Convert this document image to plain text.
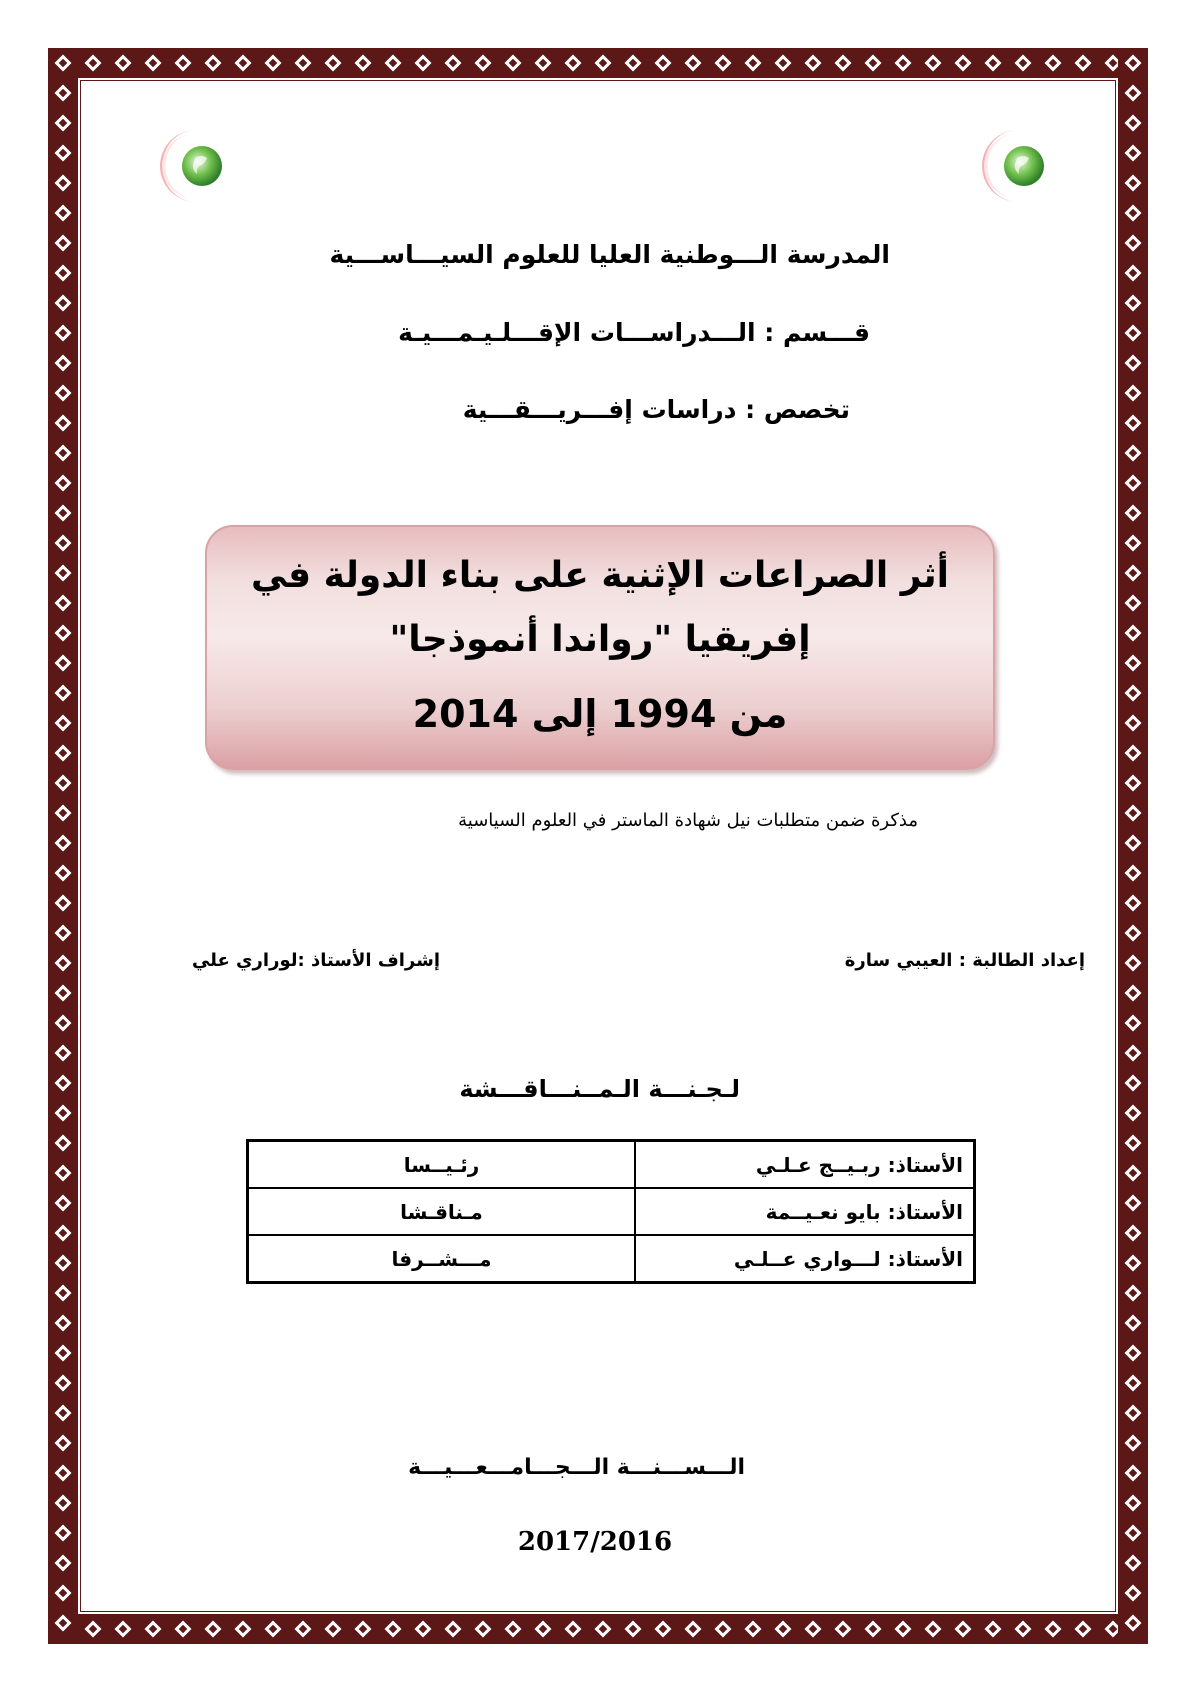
المدرسة الـــوطنية العليا للعلوم السيـــاســـية
قـــسم : الـــدراســـات الإقـــلـيـمـــيـة
تخصص : دراسات إفـــريـــقـــية
أثر الصراعات الإثنية على بناء الدولة في
إفريقيا "رواندا أنموذجا"
من 1994 إلى 2014
مذكرة ضمن متطلبات نيل شهادة الماستر في العلوم السياسية
إعداد الطالبة : العيبي سارة
إشراف الأستاذ :لوراري علي
لـجـنـــة الـمــنـــاقـــشة
الأستاذ: ربـيــج عـلـي	رئـيــسا
الأستاذ: بايو نعـيــمة	مـناقـشا
الأستاذ: لـــواري عــلـي	مـــشــرفا
الـــســـنـــة الـــجـــامـــعـــيـــة
2017/2016
